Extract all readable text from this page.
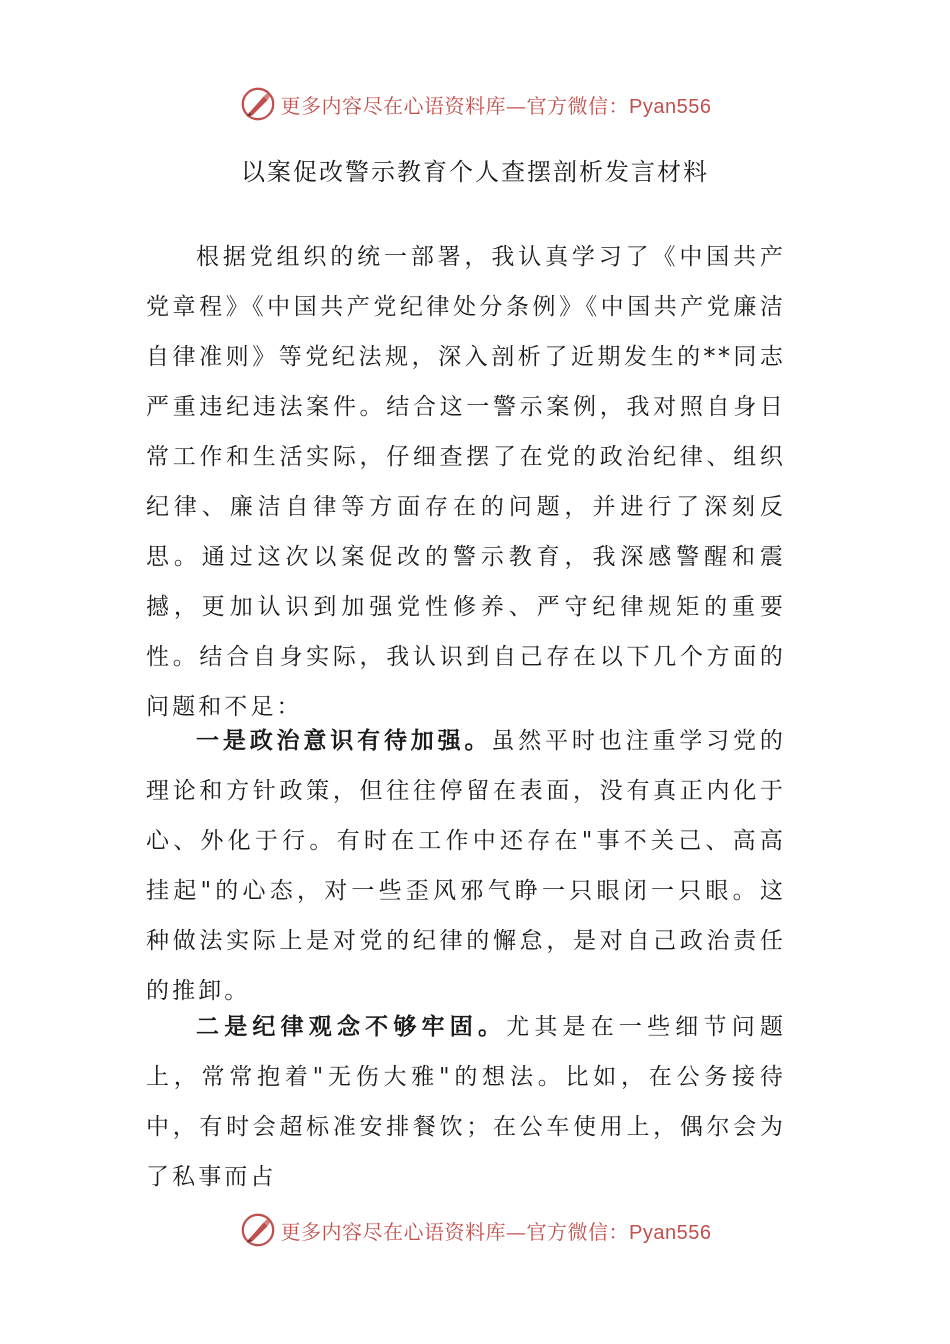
更多内容尽在心语资料库—官方微信：Pyan556
以案促改警示教育个人查摆剖析发言材料

根据党组织的统一部署，我认真学习了《中国共产党章程》《中国共产党纪律处分条例》《中国共产党廉洁自律准则》等党纪法规，深入剖析了近期发生的**同志严重违纪违法案件。结合这一警示案例，我对照自身日常工作和生活实际，仔细查摆了在党的政治纪律、组织纪律、廉洁自律等方面存在的问题，并进行了深刻反思。通过这次以案促改的警示教育，我深感警醒和震撼，更加认识到加强党性修养、严守纪律规矩的重要性。结合自身实际，我认识到自己存在以下几个方面的问题和不足：

一是政治意识有待加强。虽然平时也注重学习党的理论和方针政策，但往往停留在表面，没有真正内化于心、外化于行。有时在工作中还存在"事不关己、高高挂起"的心态，对一些歪风邪气睁一只眼闭一只眼。这种做法实际上是对党的纪律的懈怠，是对自己政治责任的推卸。

二是纪律观念不够牢固。尤其是在一些细节问题上，常常抱着"无伤大雅"的想法。比如，在公务接待中，有时会超标准安排餐饮；在公车使用上，偶尔会为了私事而占

更多内容尽在心语资料库—官方微信：Pyan556
